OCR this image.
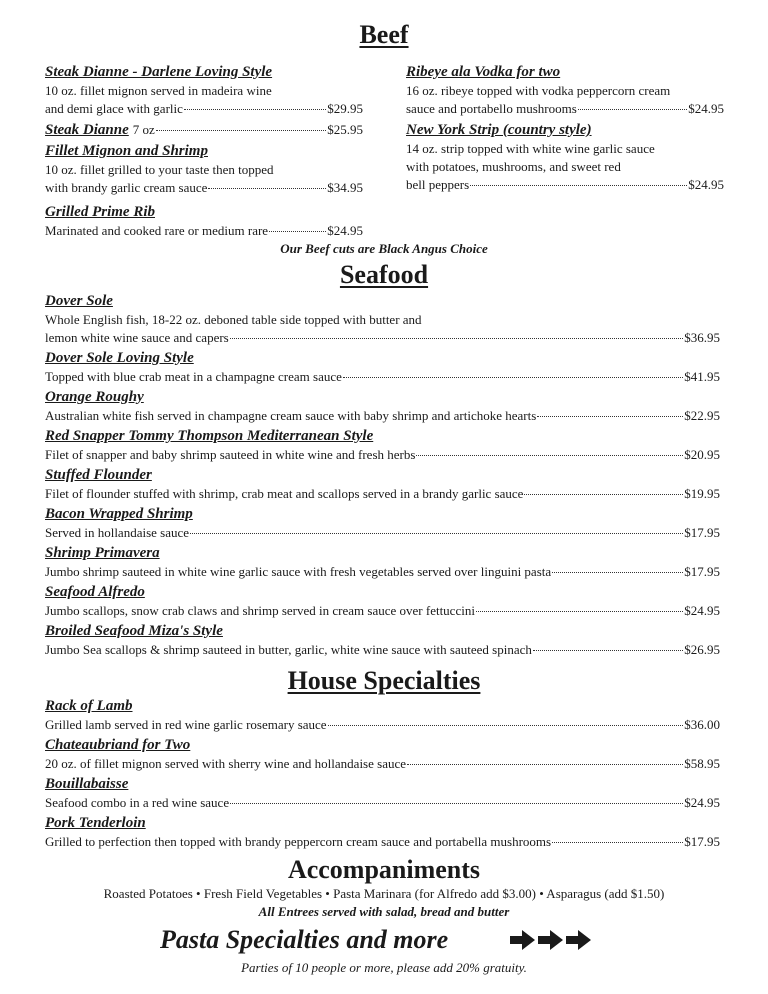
Beef
Steak Dianne - Darlene Loving Style
10 oz. fillet mignon served in madeira wine
and demi glace with garlic	$29.95
Steak Dianne 7 oz	$25.95
Fillet Mignon and Shrimp
10 oz. fillet grilled to your taste then topped
with brandy garlic cream sauce	$34.95
Grilled Prime Rib
Marinated and cooked rare or medium rare	$24.95
Ribeye ala Vodka for two
16 oz. ribeye topped with vodka peppercorn cream
sauce and portabello mushrooms	$24.95
New York Strip (country style)
14 oz. strip topped with white wine garlic sauce
with potatoes, mushrooms, and sweet red
bell peppers	$24.95
Our Beef cuts are Black Angus Choice
Seafood
Dover Sole
Whole English fish, 18-22 oz. deboned table side topped with butter and
lemon white wine sauce and capers	$36.95
Dover Sole Loving Style
Topped with blue crab meat in a champagne cream sauce	$41.95
Orange Roughy
Australian white fish served in champagne cream sauce with baby shrimp and artichoke hearts	$22.95
Red Snapper Tommy Thompson Mediterranean Style
Filet of snapper and baby shrimp sauteed in white wine and fresh herbs	$20.95
Stuffed Flounder
Filet of flounder stuffed with shrimp, crab meat and scallops served in a brandy garlic sauce	$19.95
Bacon Wrapped Shrimp
Served in hollandaise sauce	$17.95
Shrimp Primavera
Jumbo shrimp sauteed in white wine garlic sauce with fresh vegetables served over linguini pasta	$17.95
Seafood Alfredo
Jumbo scallops, snow crab claws and shrimp served in cream sauce over fettuccini	$24.95
Broiled Seafood Miza's Style
Jumbo Sea scallops & shrimp sauteed in butter, garlic, white wine sauce with sauteed spinach	$26.95
House Specialties
Rack of Lamb
Grilled lamb served in red wine garlic rosemary sauce	$36.00
Chateaubriand for Two
20 oz. of fillet mignon served with sherry wine and hollandaise sauce	$58.95
Bouillabaisse
Seafood combo in a red wine sauce	$24.95
Pork Tenderloin
Grilled to perfection then topped with brandy peppercorn cream sauce and portabella mushrooms	$17.95
Accompaniments
Roasted Potatoes • Fresh Field Vegetables • Pasta Marinara (for Alfredo add $3.00) • Asparagus (add $1.50)
All Entrees served with salad, bread and butter
Pasta Specialties and more
Parties of 10 people or more, please add 20% gratuity.
